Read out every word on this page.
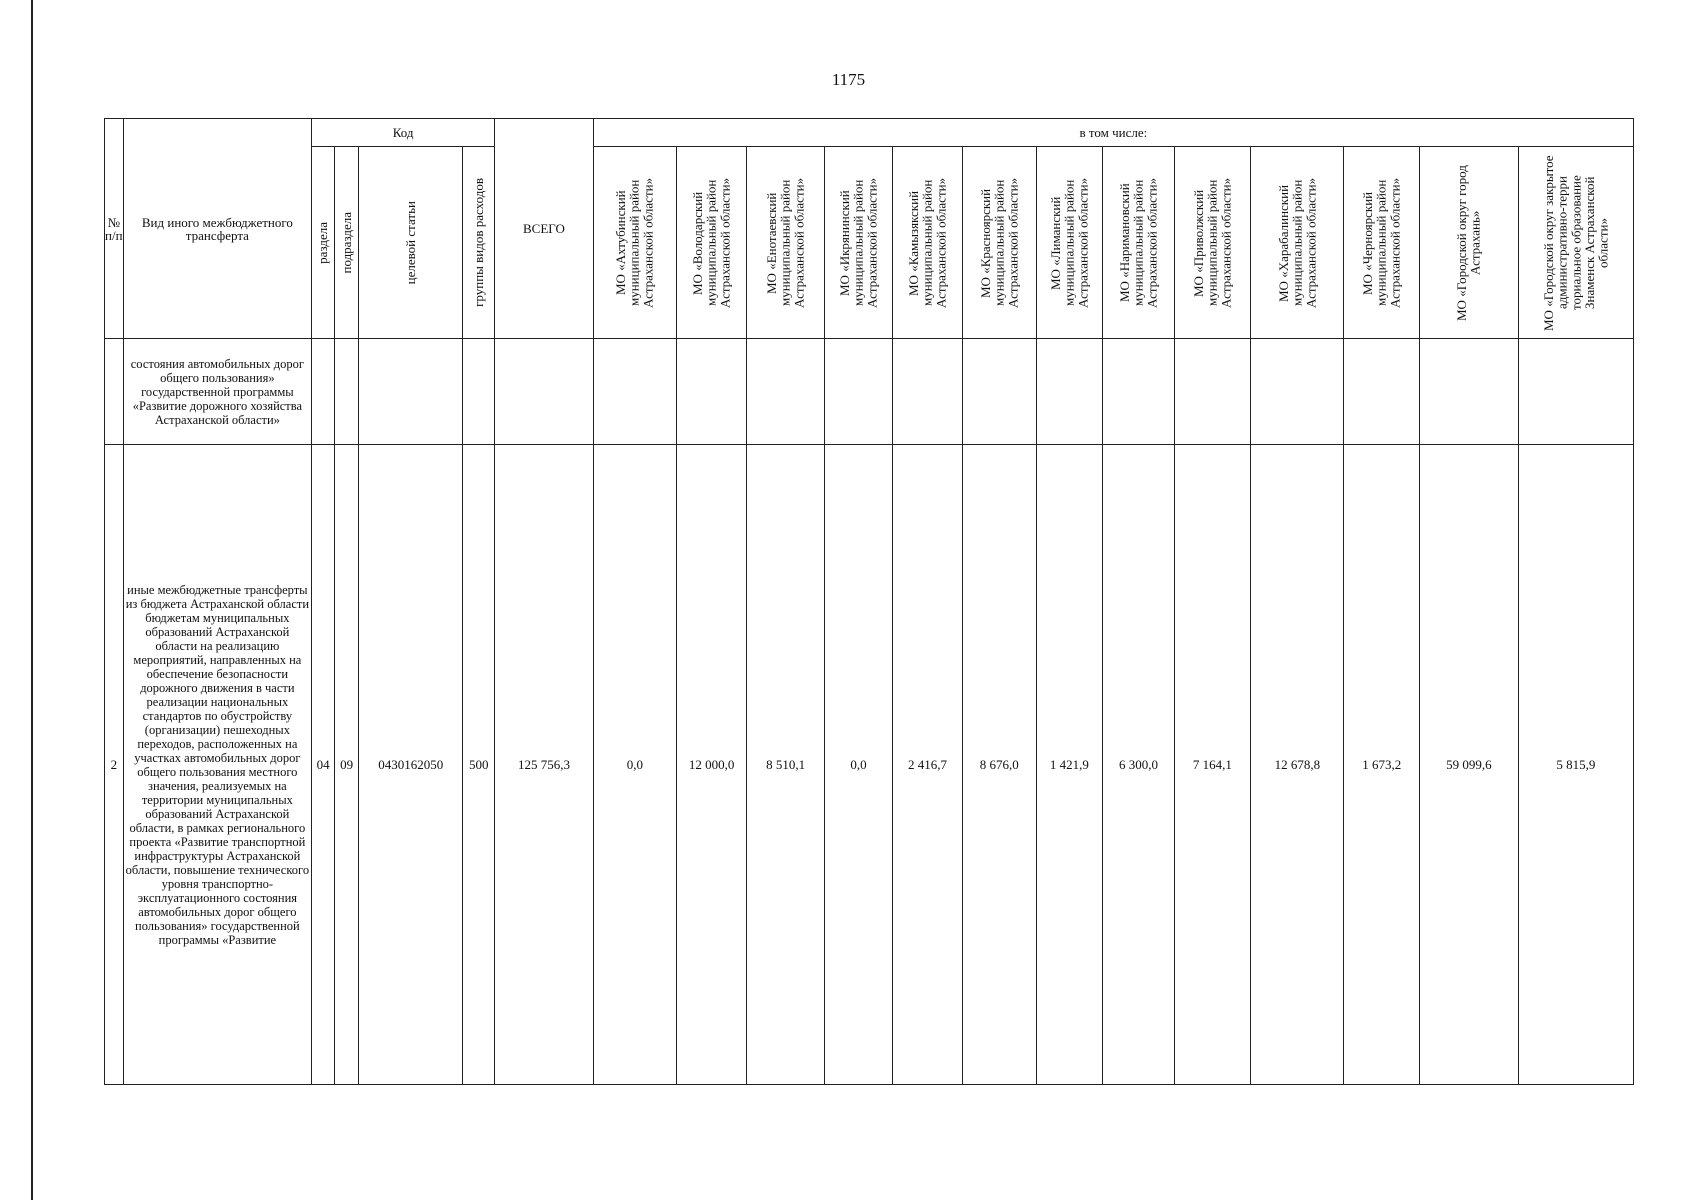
1175
№ п/п	Вид иного межбюджетного трансферта	Код				ВСЕГО	в том числе:												

		раздела	подраздела	целевой статьи	группы видов расходов		МО «Ахтубинский муниципальный район Астраханской области»	МО «Володарский муниципальный район Астраханской области»	МО «Енотаевский муниципальный район Астраханской области»	МО «Икрянинский муниципальный район Астраханской области»	МО «Камызякский муниципальный район Астраханской области»	МО «Красноярский муниципальный район Астраханской области»	МО «Лиманский муниципальный район Астраханской области»	МО «Наримановский муниципальный район Астраханской области»	МО «Приволжский муниципальный район Астраханской области»	МО «Харабалинский муниципальный район Астраханской области»	МО «Черноярский муниципальный район Астраханской области»	МО «Городской округ город Астрахань»	МО «Городской округ закрытое административно-терри ториальное образование Знаменск Астраханской области»

	состояния автомобильных дорог общего пользования» государственной программы «Развитие дорожного хозяйства Астраханской области»																		
2	иные межбюджетные трансферты из бюджета Астраханской области бюджетам муниципальных образований Астраханской области на реализацию мероприятий, направленных на обеспечение безопасности дорожного движения в части реализации национальных стандартов по обустройству (организации) пешеходных переходов, расположенных на участках автомобильных дорог общего пользования местного значения, реализуемых на территории муниципальных образований Астраханской области, в рамках регионального проекта «Развитие транспортной инфраструктуры Астраханской области, повышение технического уровня транспортно-эксплуатационного состояния автомобильных дорог общего пользования» государственной программы «Развитие	04	09	0430162050	500	125 756,3	0,0	12 000,0	8 510,1	0,0	2 416,7	8 676,0	1 421,9	6 300,0	7 164,1	12 678,8	1 673,2	59 099,6	5 815,9
